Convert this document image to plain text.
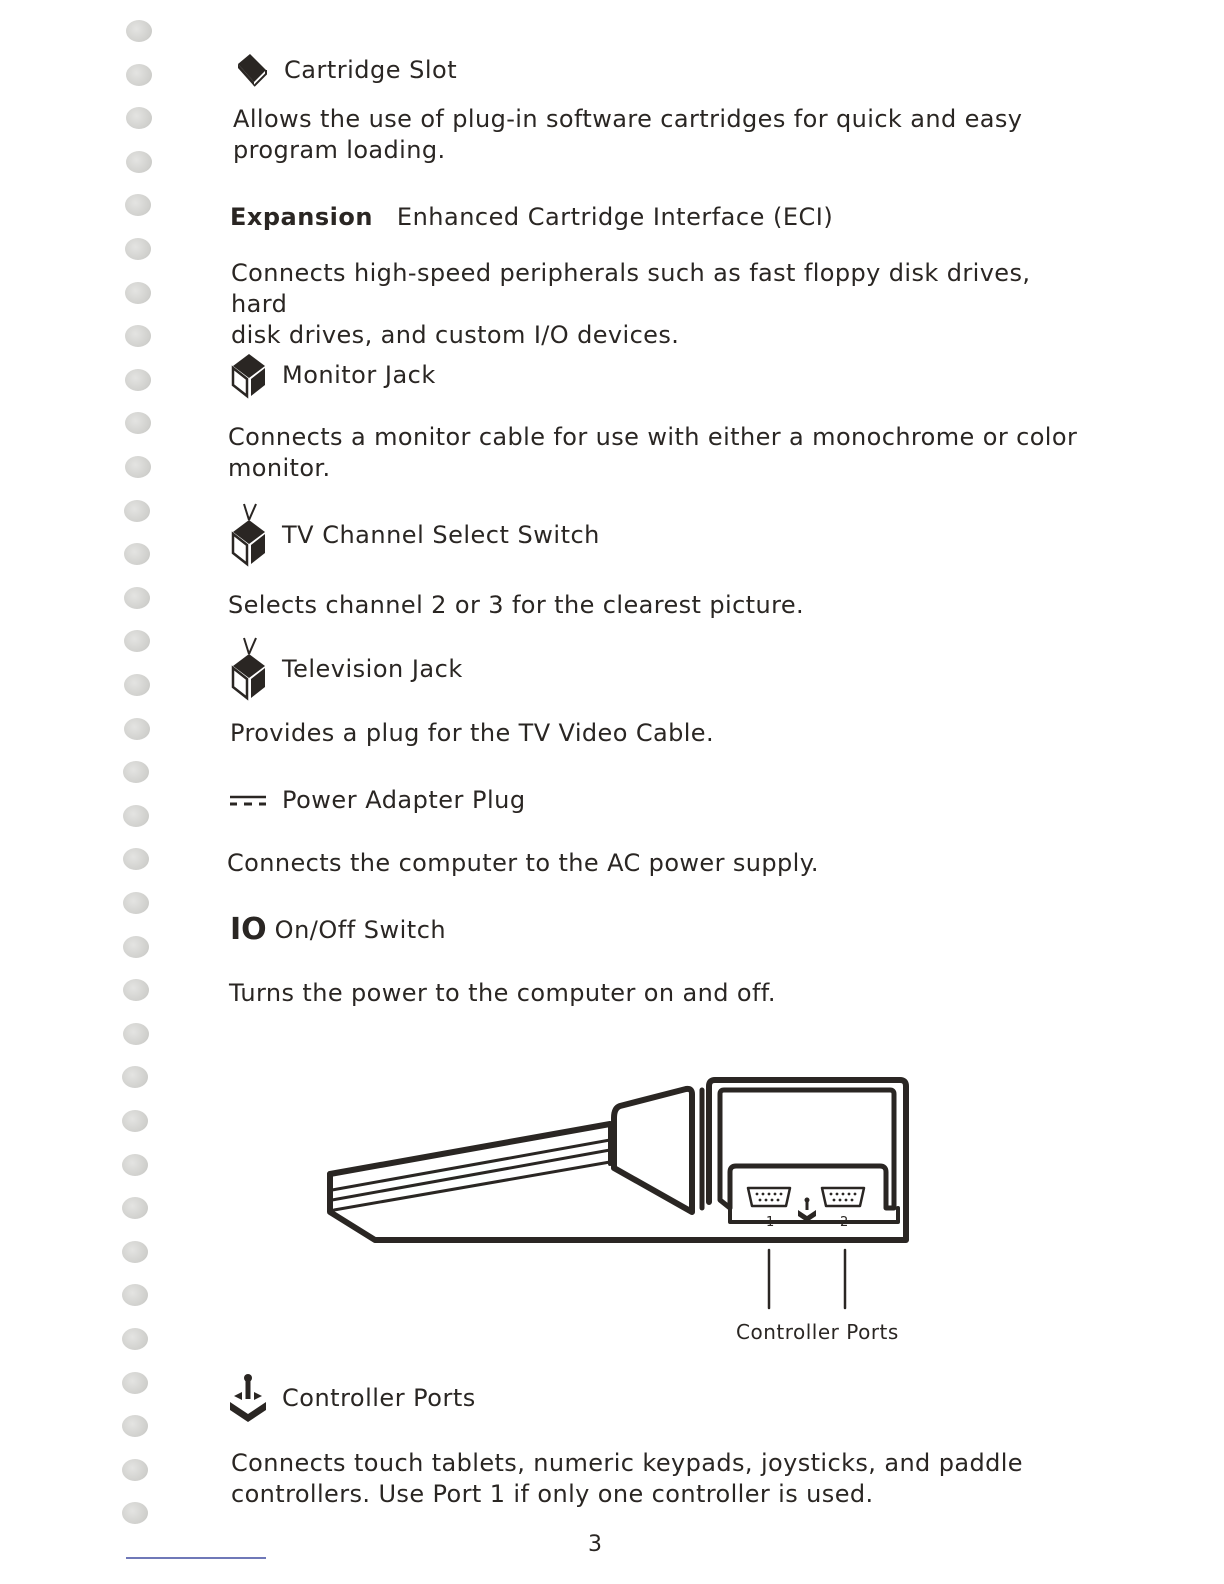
Cartridge Slot
Allows the use of plug-in software cartridges for quick and easy
program loading.
Expansion Enhanced Cartridge Interface (ECI)
Connects high-speed peripherals such as fast floppy disk drives, hard
disk drives, and custom I/O devices.
Monitor Jack
Connects a monitor cable for use with either a monochrome or color
monitor.
TV Channel Select Switch
Selects channel 2 or 3 for the clearest picture.
Television Jack
Provides a plug for the TV Video Cable.
Power Adapter Plug
Connects the computer to the AC power supply.
IO On/Off Switch
Turns the power to the computer on and off.
1	2
Controller Ports
Controller Ports
Connects touch tablets, numeric keypads, joysticks, and paddle
controllers. Use Port 1 if only one controller is used.
3
